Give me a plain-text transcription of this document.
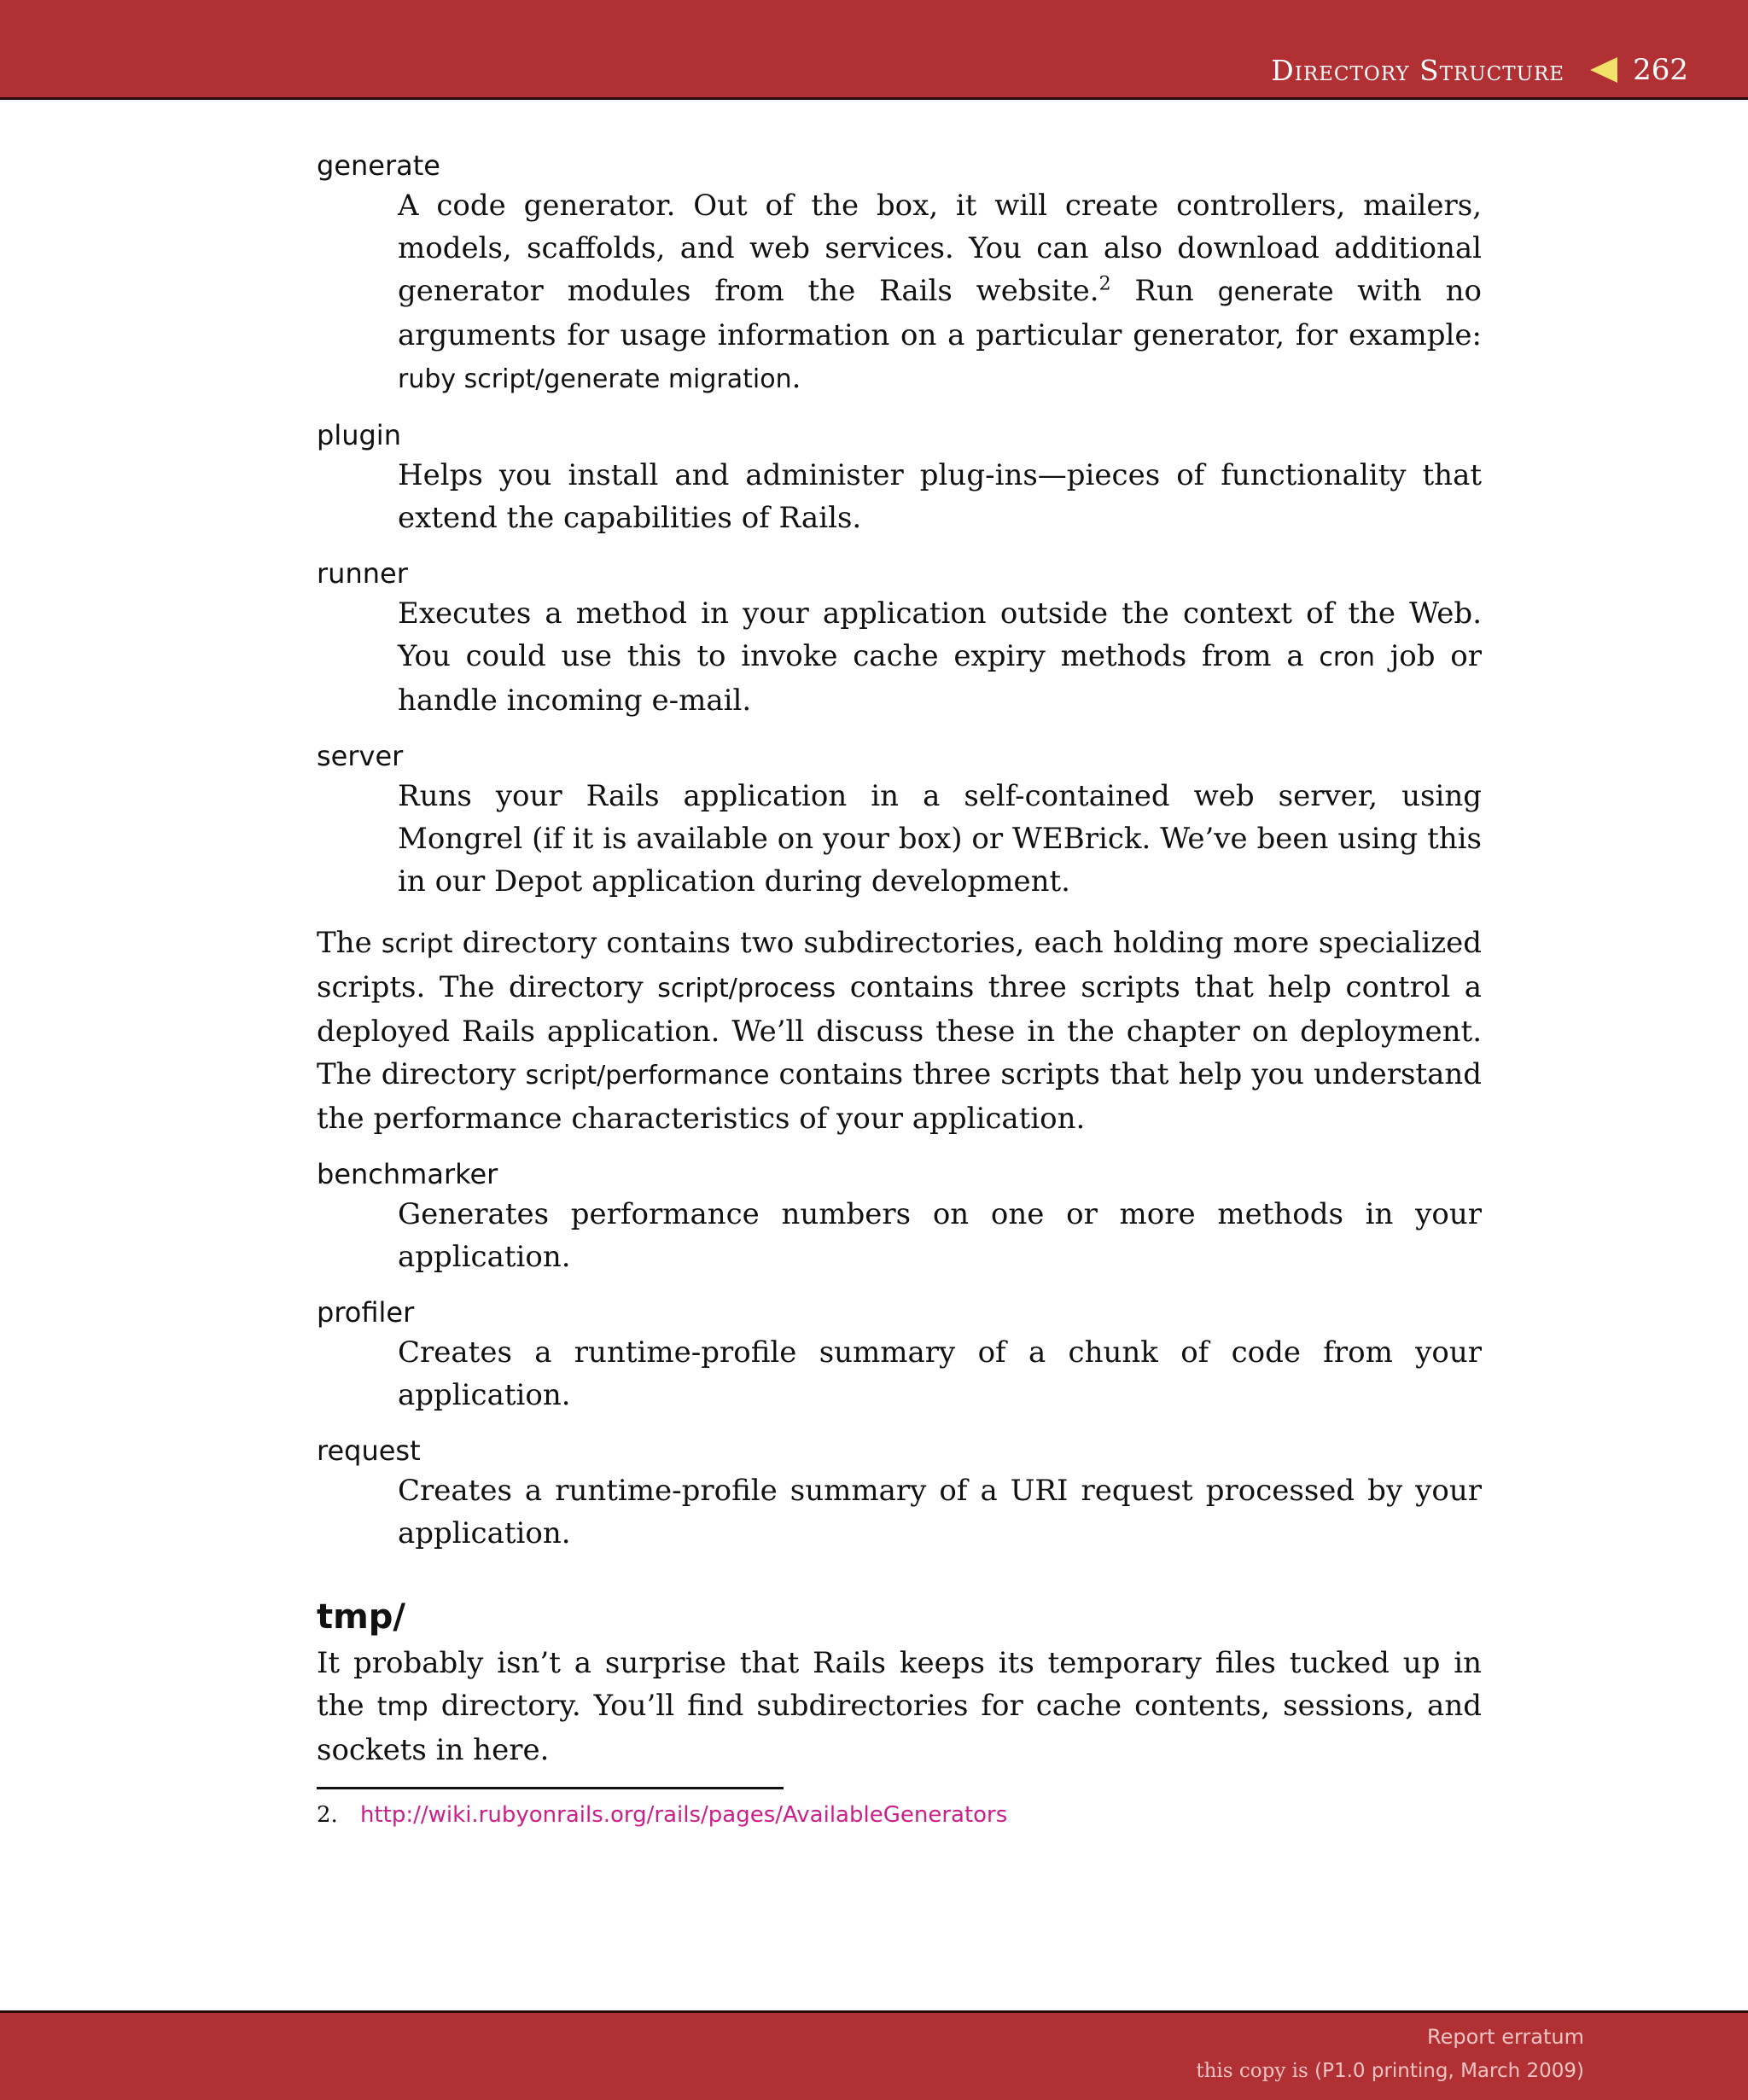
Directory Structure 262

generate

A code generator. Out of the box, it will create controllers, mailers, models, scaffolds, and web services. You can also download additional generator modules from the Rails website.$^2$ Run generate with no arguments for usage information on a particular generator, for example: ruby script/generate migration.

plugin

Helps you install and administer plug-ins—pieces of functionality that extend the capabilities of Rails.

runner

Executes a method in your application outside the context of the Web. You could use this to invoke cache expiry methods from a cron job or handle incoming e-mail.

server

Runs your Rails application in a self-contained web server, using Mongrel (if it is available on your box) or WEBrick. We’ve been using this in our Depot application during development.

The script directory contains two subdirectories, each holding more specialized scripts. The directory script/process contains three scripts that help control a deployed Rails application. We’ll discuss these in the chapter on deployment. The directory script/performance contains three scripts that help you understand the performance characteristics of your application.

benchmarker

Generates performance numbers on one or more methods in your application.

profiler

Creates a runtime-profile summary of a chunk of code from your application.

request

Creates a runtime-profile summary of a URI request processed by your application.

tmp/

It probably isn’t a surprise that Rails keeps its temporary files tucked up in the tmp directory. You’ll find subdirectories for cache contents, sessions, and sockets in here.

2.	http://wiki.rubyonrails.org/rails/pages/AvailableGenerators
Report erratum
this copy is (P1.0 printing, March 2009)
